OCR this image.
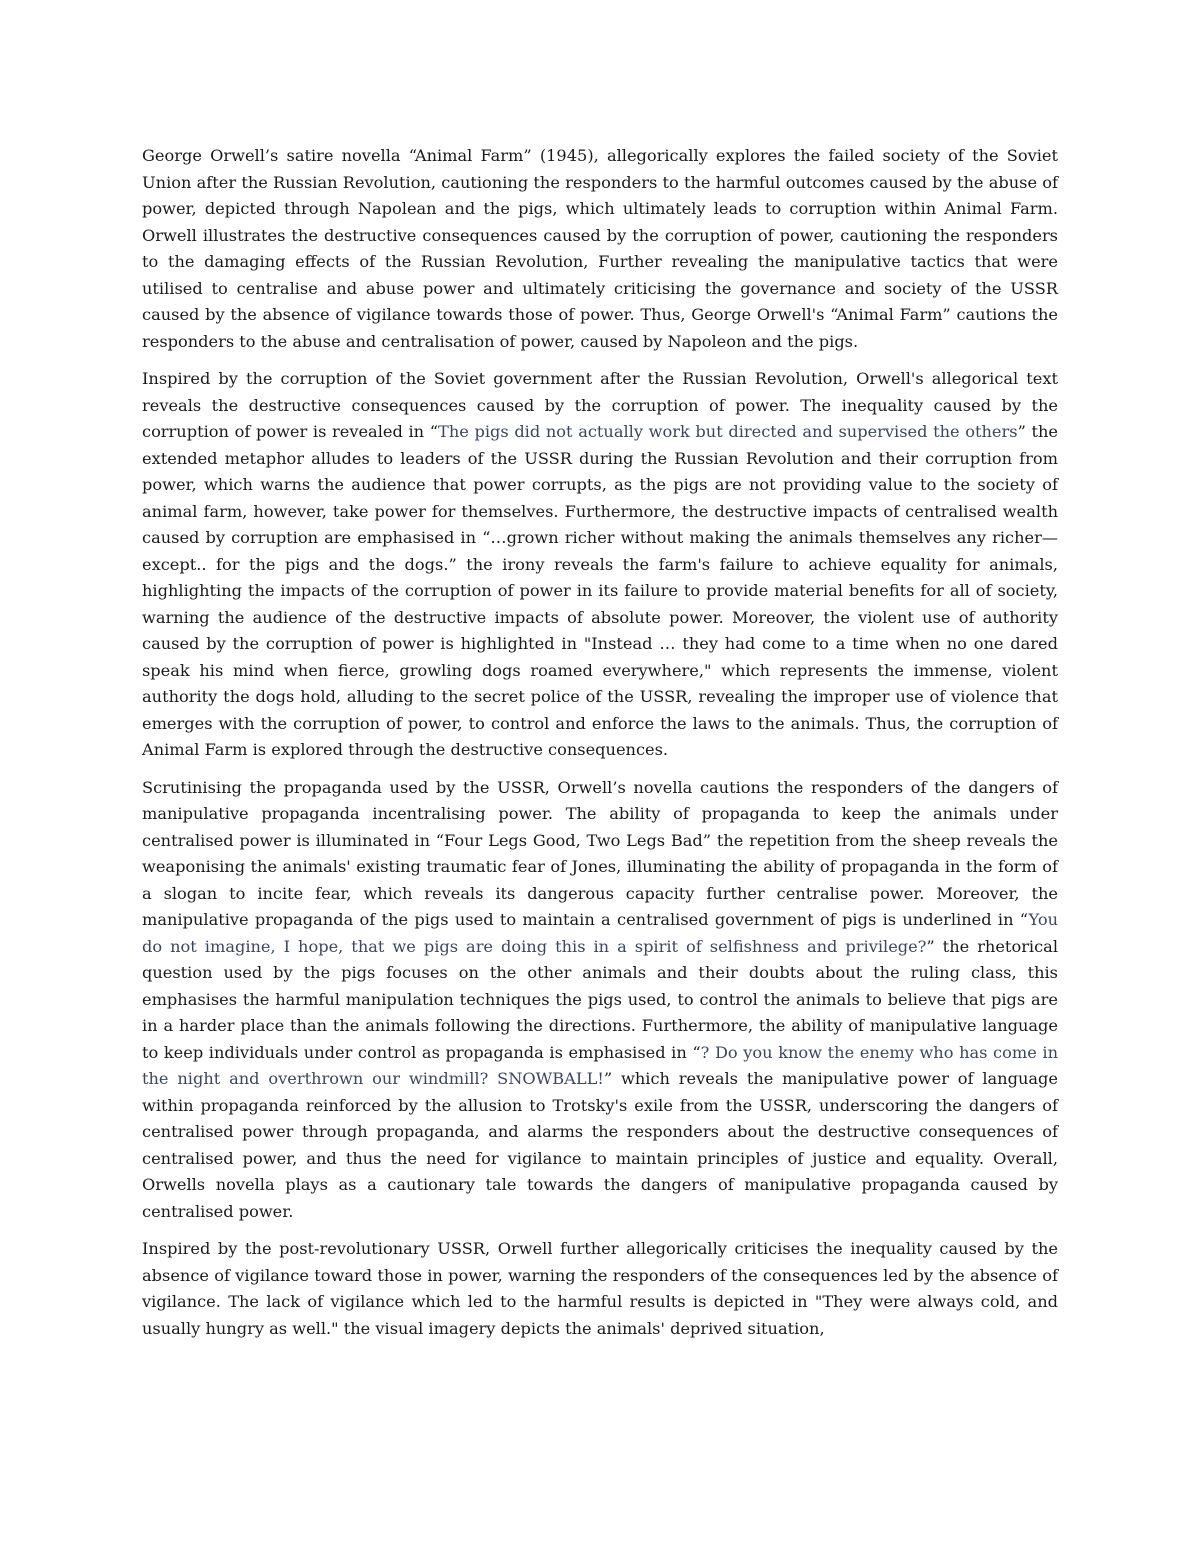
George Orwell’s satire novella “Animal Farm” (1945), allegorically explores the failed society of the Soviet Union after the Russian Revolution, cautioning the responders to the harmful outcomes caused by the abuse of power, depicted through Napolean and the pigs, which ultimately leads to corruption within Animal Farm. Orwell illustrates the destructive consequences caused by the corruption of power, cautioning the responders to the damaging effects of the Russian Revolution, Further revealing the manipulative tactics that were utilised to centralise and abuse power and ultimately criticising the governance and society of the USSR caused by the absence of vigilance towards those of power. Thus, George Orwell's “Animal Farm” cautions the responders to the abuse and centralisation of power, caused by Napoleon and the pigs.

Inspired by the corruption of the Soviet government after the Russian Revolution, Orwell's allegorical text reveals the destructive consequences caused by the corruption of power. The inequality caused by the corruption of power is revealed in “The pigs did not actually work but directed and supervised the others” the extended metaphor alludes to leaders of the USSR during the Russian Revolution and their corruption from power, which warns the audience that power corrupts, as the pigs are not providing value to the society of animal farm, however, take power for themselves. Furthermore, the destructive impacts of centralised wealth caused by corruption are emphasised in “…grown richer without making the animals themselves any richer—except.. for the pigs and the dogs.” the irony reveals the farm's failure to achieve equality for animals, highlighting the impacts of the corruption of power in its failure to provide material benefits for all of society, warning the audience of the destructive impacts of absolute power. Moreover, the violent use of authority caused by the corruption of power is highlighted in "Instead … they had come to a time when no one dared speak his mind when fierce, growling dogs roamed everywhere," which represents the immense, violent authority the dogs hold, alluding to the secret police of the USSR, revealing the improper use of violence that emerges with the corruption of power, to control and enforce the laws to the animals. Thus, the corruption of Animal Farm is explored through the destructive consequences.

Scrutinising the propaganda used by the USSR, Orwell’s novella cautions the responders of the dangers of manipulative propaganda incentralising power. The ability of propaganda to keep the animals under centralised power is illuminated in “Four Legs Good, Two Legs Bad” the repetition from the sheep reveals the weaponising the animals' existing traumatic fear of Jones, illuminating the ability of propaganda in the form of a slogan to incite fear, which reveals its dangerous capacity further centralise power. Moreover, the manipulative propaganda of the pigs used to maintain a centralised government of pigs is underlined in “You do not imagine, I hope, that we pigs are doing this in a spirit of selfishness and privilege?” the rhetorical question used by the pigs focuses on the other animals and their doubts about the ruling class, this emphasises the harmful manipulation techniques the pigs used, to control the animals to believe that pigs are in a harder place than the animals following the directions. Furthermore, the ability of manipulative language to keep individuals under control as propaganda is emphasised in “? Do you know the enemy who has come in the night and overthrown our windmill? SNOWBALL!” which reveals the manipulative power of language within propaganda reinforced by the allusion to Trotsky's exile from the USSR, underscoring the dangers of centralised power through propaganda, and alarms the responders about the destructive consequences of centralised power, and thus the need for vigilance to maintain principles of justice and equality. Overall, Orwells novella plays as a cautionary tale towards the dangers of manipulative propaganda caused by centralised power.

Inspired by the post-revolutionary USSR, Orwell further allegorically criticises the inequality caused by the absence of vigilance toward those in power, warning the responders of the consequences led by the absence of vigilance. The lack of vigilance which led to the harmful results is depicted in "They were always cold, and usually hungry as well." the visual imagery depicts the animals' deprived situation,
